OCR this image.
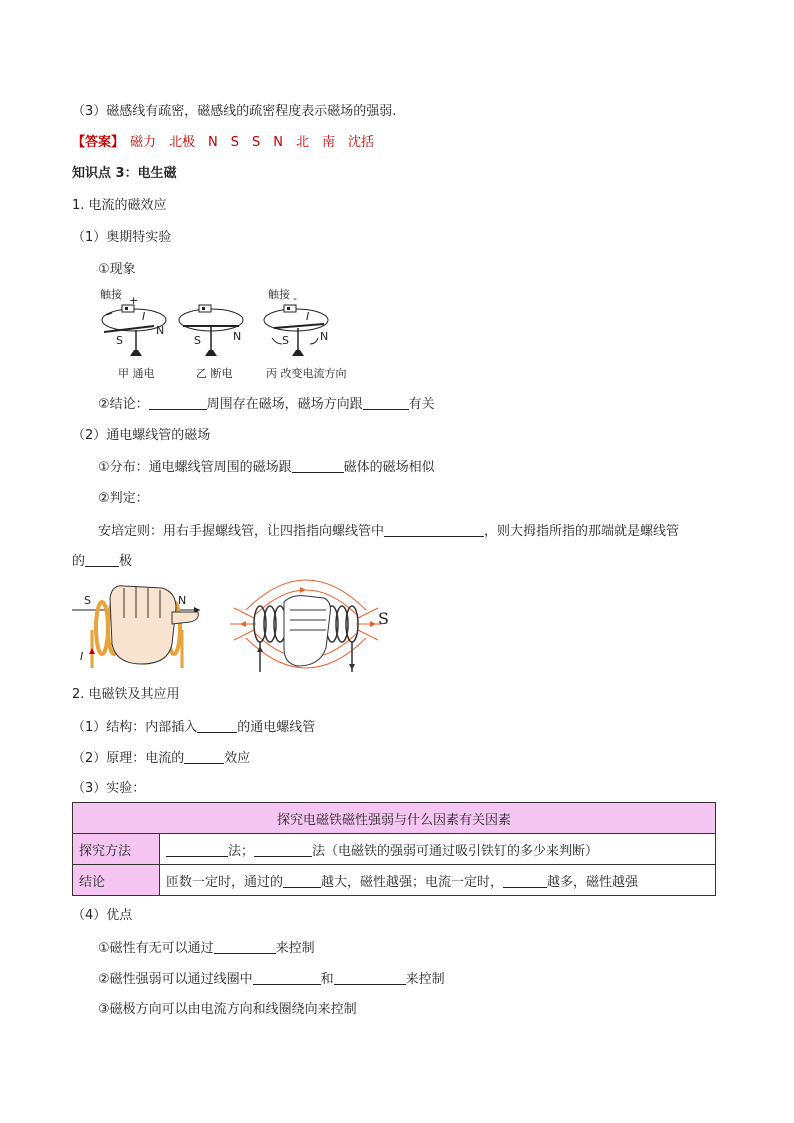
（3）磁感线有疏密，磁感线的疏密程度表示磁场的强弱.
【答案】 磁力　北极　N　S　S　N　北　南　沈括
知识点 3：电生磁
1. 电流的磁效应
（1）奥期特实验
①现象
触接 +
I
S
N
S	N
触接 -
I
S	N
甲 通电	乙 断电	丙 改变电流方向
②结论：	周围存在磁场，磁场方向跟	有关
（2）通电螺线管的磁场
①分布：通电螺线管周围的磁场跟	磁体的磁场相似
②判定：
安培定则：用右手握螺线管，让四指指向螺线管中	，则大拇指所指的那端就是螺线管
的	极
S	N
I
S
2. 电磁铁及其应用
（1）结构：内部插入	的通电螺线管
（2）原理：电流的	效应
（3）实验：
探究电磁铁磁性强弱与什么因素有关因素	
探究方法	法； 法（电磁铁的强弱可通过吸引铁钉的多少来判断）
结论	匝数一定时，通过的 越大，磁性越强；电流一定时， 越多，磁性越强
（4）优点
①磁性有无可以通过	来控制
②磁性强弱可以通过线圈中	和	来控制
③磁极方向可以由电流方向和线圈绕向来控制
